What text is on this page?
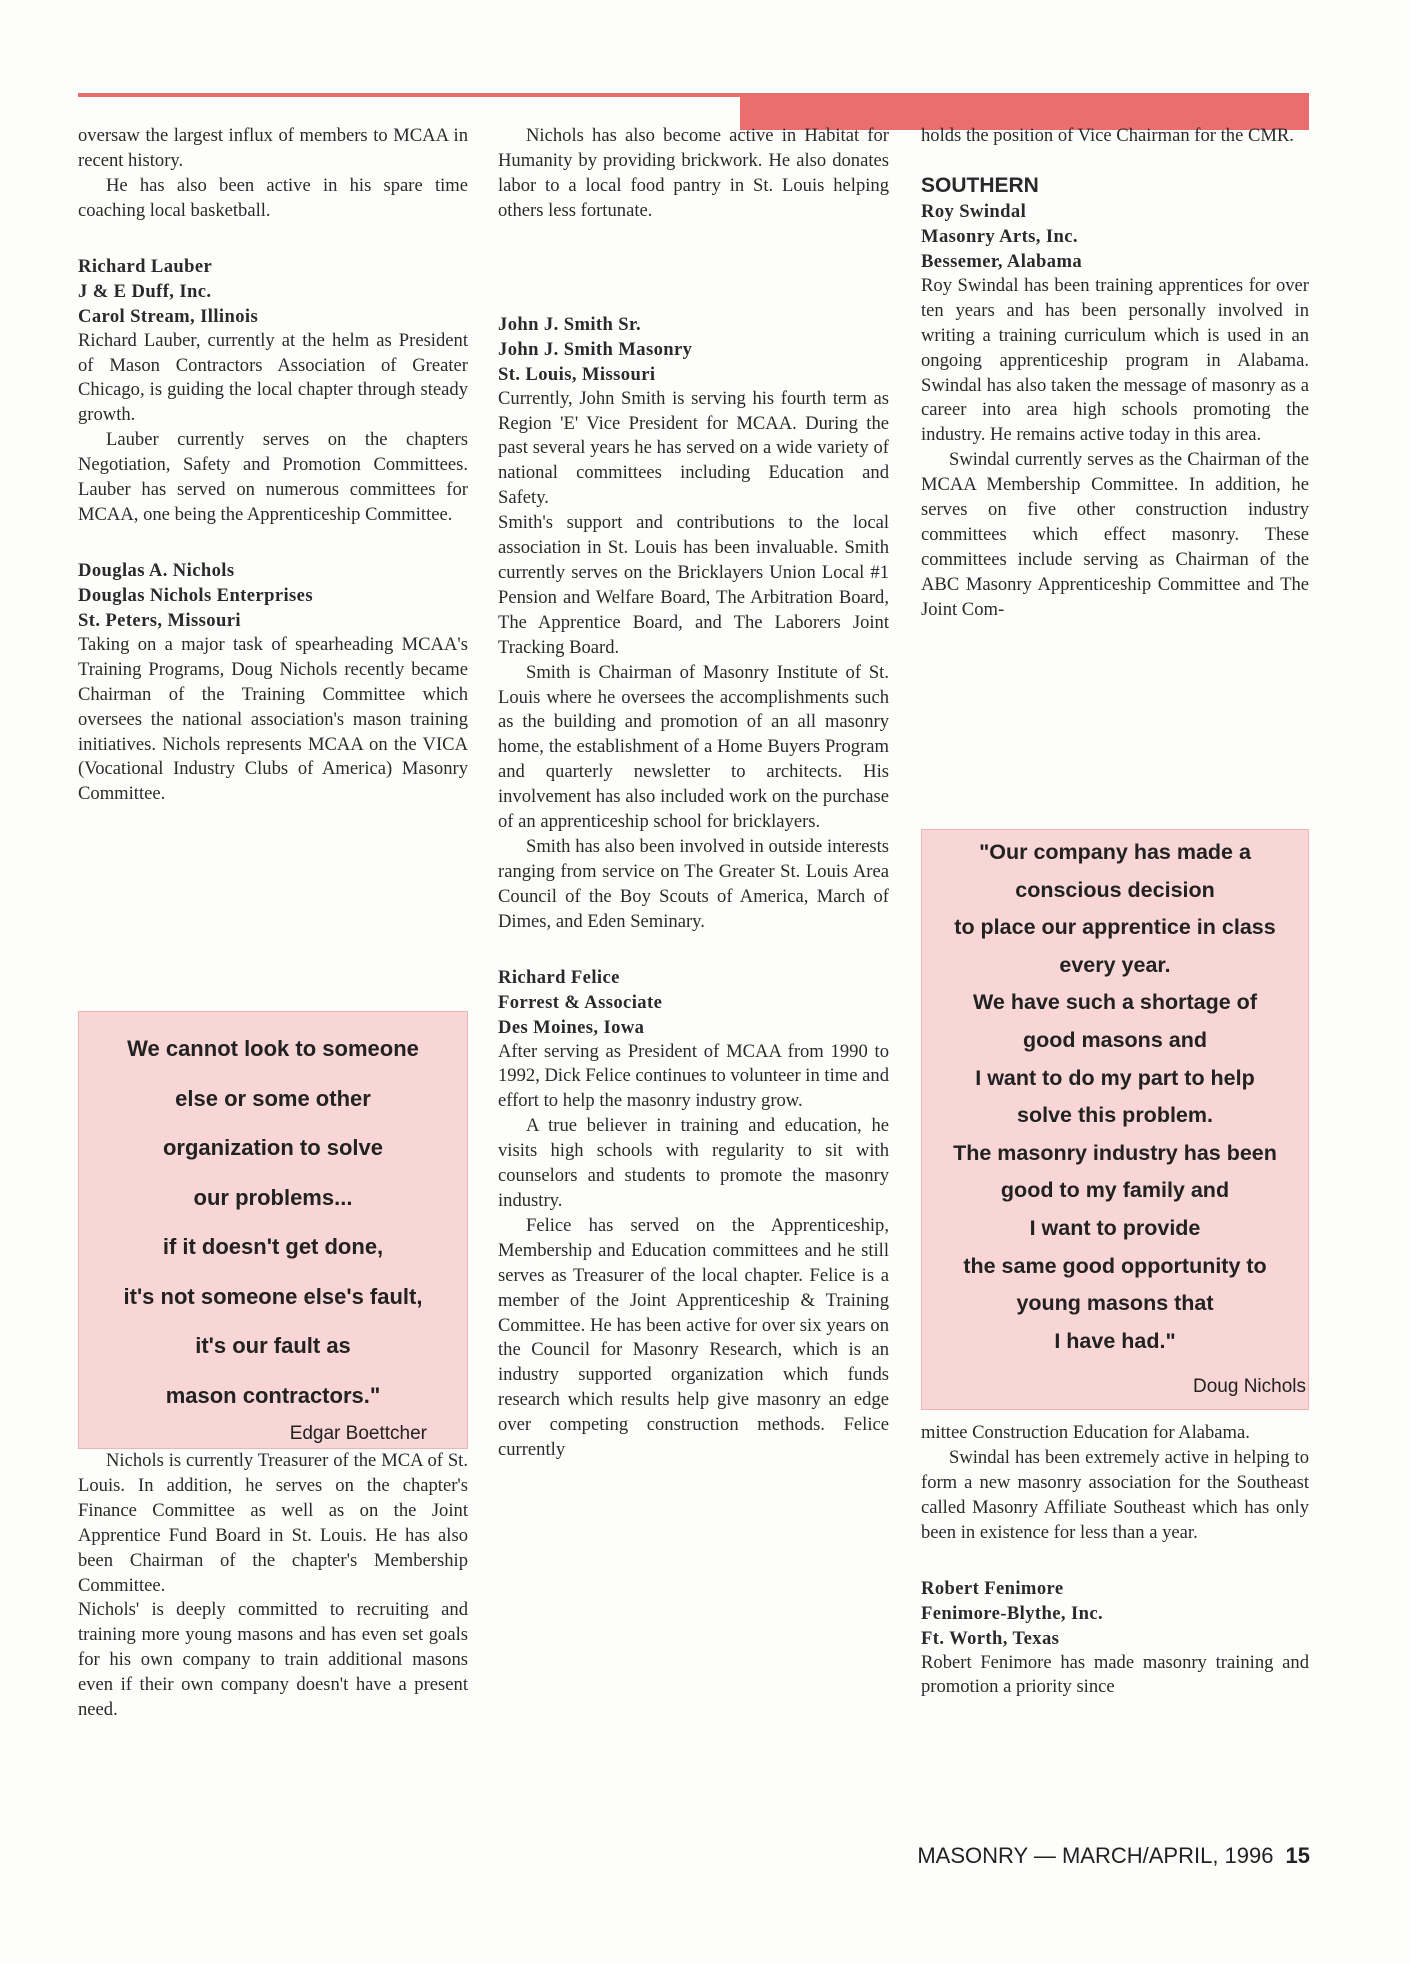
oversaw the largest influx of members to MCAA in recent history.

He has also been active in his spare time coaching local basketball.

Richard Lauber

J & E Duff, Inc.

Carol Stream, Illinois

Richard Lauber, currently at the helm as President of Mason Contractors Association of Greater Chicago, is guiding the local chapter through steady growth.

Lauber currently serves on the chapters Negotiation, Safety and Promotion Committees. Lauber has served on numerous committees for MCAA, one being the Apprenticeship Committee.

Douglas A. Nichols

Douglas Nichols Enterprises

St. Peters, Missouri

Taking on a major task of spearheading MCAA's Training Programs, Doug Nichols recently became Chairman of the Training Committee which oversees the national association's mason training initiatives. Nichols represents MCAA on the VICA (Vocational Industry Clubs of America) Masonry Committee.

We cannot look to someone

else or some other

organization to solve

our problems...

if it doesn't get done,

it's not someone else's fault,

it's our fault as

mason contractors."

Edgar Boettcher

Nichols is currently Treasurer of the MCA of St. Louis. In addition, he serves on the chapter's Finance Committee as well as on the Joint Apprentice Fund Board in St. Louis. He has also been Chairman of the chapter's Membership Committee.

Nichols' is deeply committed to recruiting and training more young masons and has even set goals for his own company to train additional masons even if their own company doesn't have a present need.

Nichols has also become active in Habitat for Humanity by providing brickwork. He also donates labor to a local food pantry in St. Louis helping others less fortunate.

John J. Smith Sr.

John J. Smith Masonry

St. Louis, Missouri

Currently, John Smith is serving his fourth term as Region 'E' Vice President for MCAA. During the past several years he has served on a wide variety of national committees including Education and Safety.

Smith's support and contributions to the local association in St. Louis has been invaluable. Smith currently serves on the Bricklayers Union Local #1 Pension and Welfare Board, The Arbitration Board, The Apprentice Board, and The Laborers Joint Tracking Board.

Smith is Chairman of Masonry Institute of St. Louis where he oversees the accomplishments such as the building and promotion of an all masonry home, the establishment of a Home Buyers Program and quarterly newsletter to architects. His involvement has also included work on the purchase of an apprenticeship school for bricklayers.

Smith has also been involved in outside interests ranging from service on The Greater St. Louis Area Council of the Boy Scouts of America, March of Dimes, and Eden Seminary.

Richard Felice

Forrest & Associate

Des Moines, Iowa

After serving as President of MCAA from 1990 to 1992, Dick Felice continues to volunteer in time and effort to help the masonry industry grow.

A true believer in training and education, he visits high schools with regularity to sit with counselors and students to promote the masonry industry.

Felice has served on the Apprenticeship, Membership and Education committees and he still serves as Treasurer of the local chapter. Felice is a member of the Joint Apprenticeship & Training Committee. He has been active for over six years on the Council for Masonry Research, which is an industry supported organization which funds research which results help give masonry an edge over competing construction methods. Felice currently

holds the position of Vice Chairman for the CMR.

SOUTHERN

Roy Swindal

Masonry Arts, Inc.

Bessemer, Alabama

Roy Swindal has been training apprentices for over ten years and has been personally involved in writing a training curriculum which is used in an ongoing apprenticeship program in Alabama. Swindal has also taken the message of masonry as a career into area high schools promoting the industry. He remains active today in this area.

Swindal currently serves as the Chairman of the MCAA Membership Committee. In addition, he serves on five other construction industry committees which effect masonry. These committees include serving as Chairman of the ABC Masonry Apprenticeship Committee and The Joint Com-

"Our company has made a

conscious decision

to place our apprentice in class

every year.

We have such a shortage of

good masons and

I want to do my part to help

solve this problem.

The masonry industry has been

good to my family and

I want to provide

the same good opportunity to

young masons that

I have had."

Doug Nichols

mittee Construction Education for Alabama.

Swindal has been extremely active in helping to form a new masonry association for the Southeast called Masonry Affiliate Southeast which has only been in existence for less than a year.

Robert Fenimore

Fenimore-Blythe, Inc.

Ft. Worth, Texas

Robert Fenimore has made masonry training and promotion a priority since

MASONRY — MARCH/APRIL, 1996 15
